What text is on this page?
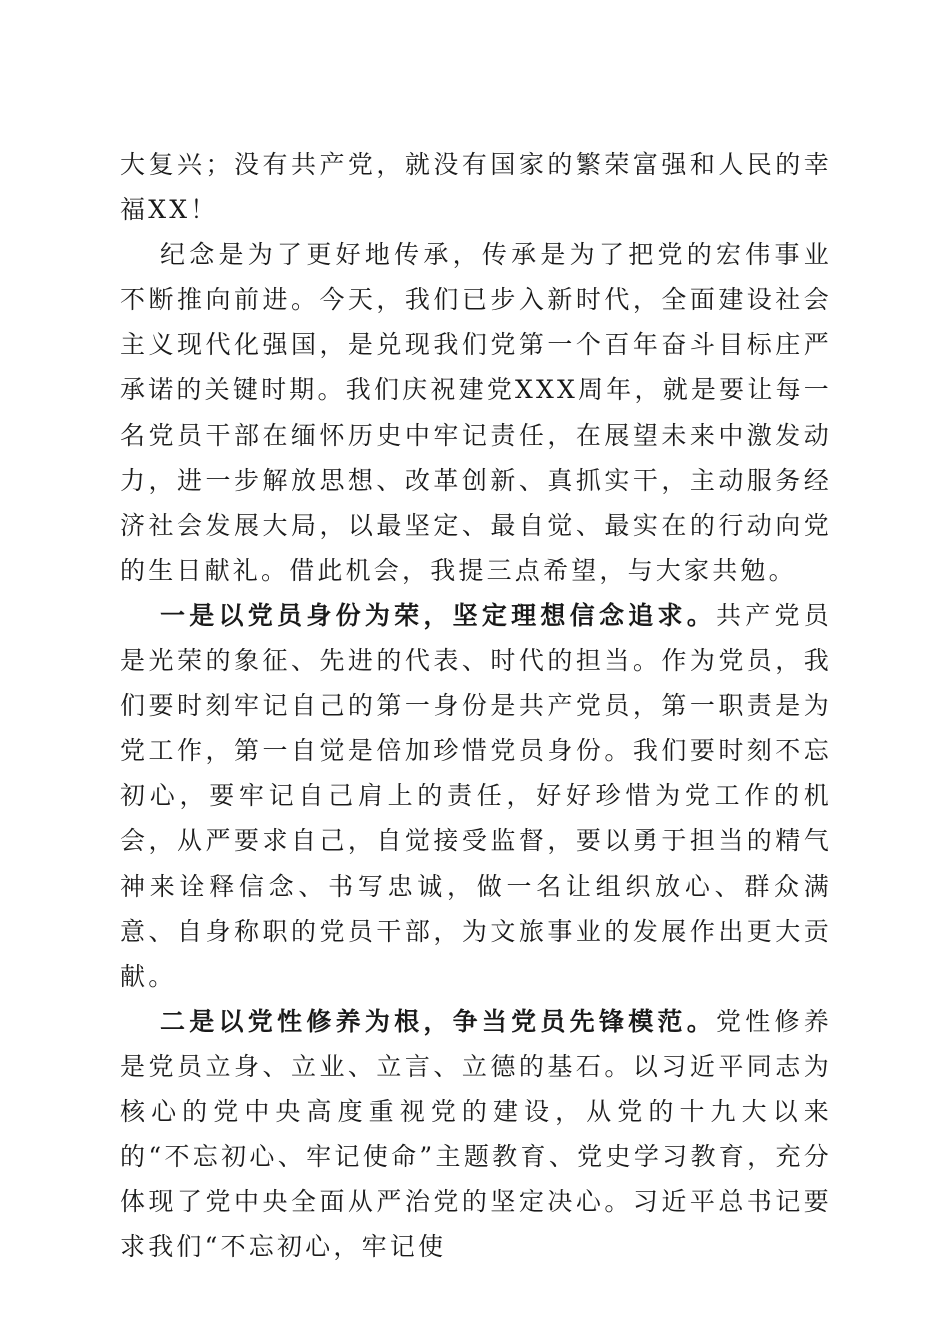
大复兴；没有共产党，就没有国家的繁荣富强和人民的幸福XX！

纪念是为了更好地传承，传承是为了把党的宏伟事业不断推向前进。今天，我们已步入新时代，全面建设社会主义现代化强国，是兑现我们党第一个百年奋斗目标庄严承诺的关键时期。我们庆祝建党XXX周年，就是要让每一名党员干部在缅怀历史中牢记责任，在展望未来中激发动力，进一步解放思想、改革创新、真抓实干，主动服务经济社会发展大局，以最坚定、最自觉、最实在的行动向党的生日献礼。借此机会，我提三点希望，与大家共勉。

一是以党员身份为荣，坚定理想信念追求。共产党员是光荣的象征、先进的代表、时代的担当。作为党员，我们要时刻牢记自己的第一身份是共产党员，第一职责是为党工作，第一自觉是倍加珍惜党员身份。我们要时刻不忘初心，要牢记自己肩上的责任，好好珍惜为党工作的机会，从严要求自己，自觉接受监督，要以勇于担当的精气神来诠释信念、书写忠诚，做一名让组织放心、群众满意、自身称职的党员干部，为文旅事业的发展作出更大贡献。

二是以党性修养为根，争当党员先锋模范。党性修养是党员立身、立业、立言、立德的基石。以习近平同志为核心的党中央高度重视党的建设，从党的十九大以来的“不忘初心、牢记使命”主题教育、党史学习教育，充分体现了党中央全面从严治党的坚定决心。习近平总书记要求我们“不忘初心，牢记使
